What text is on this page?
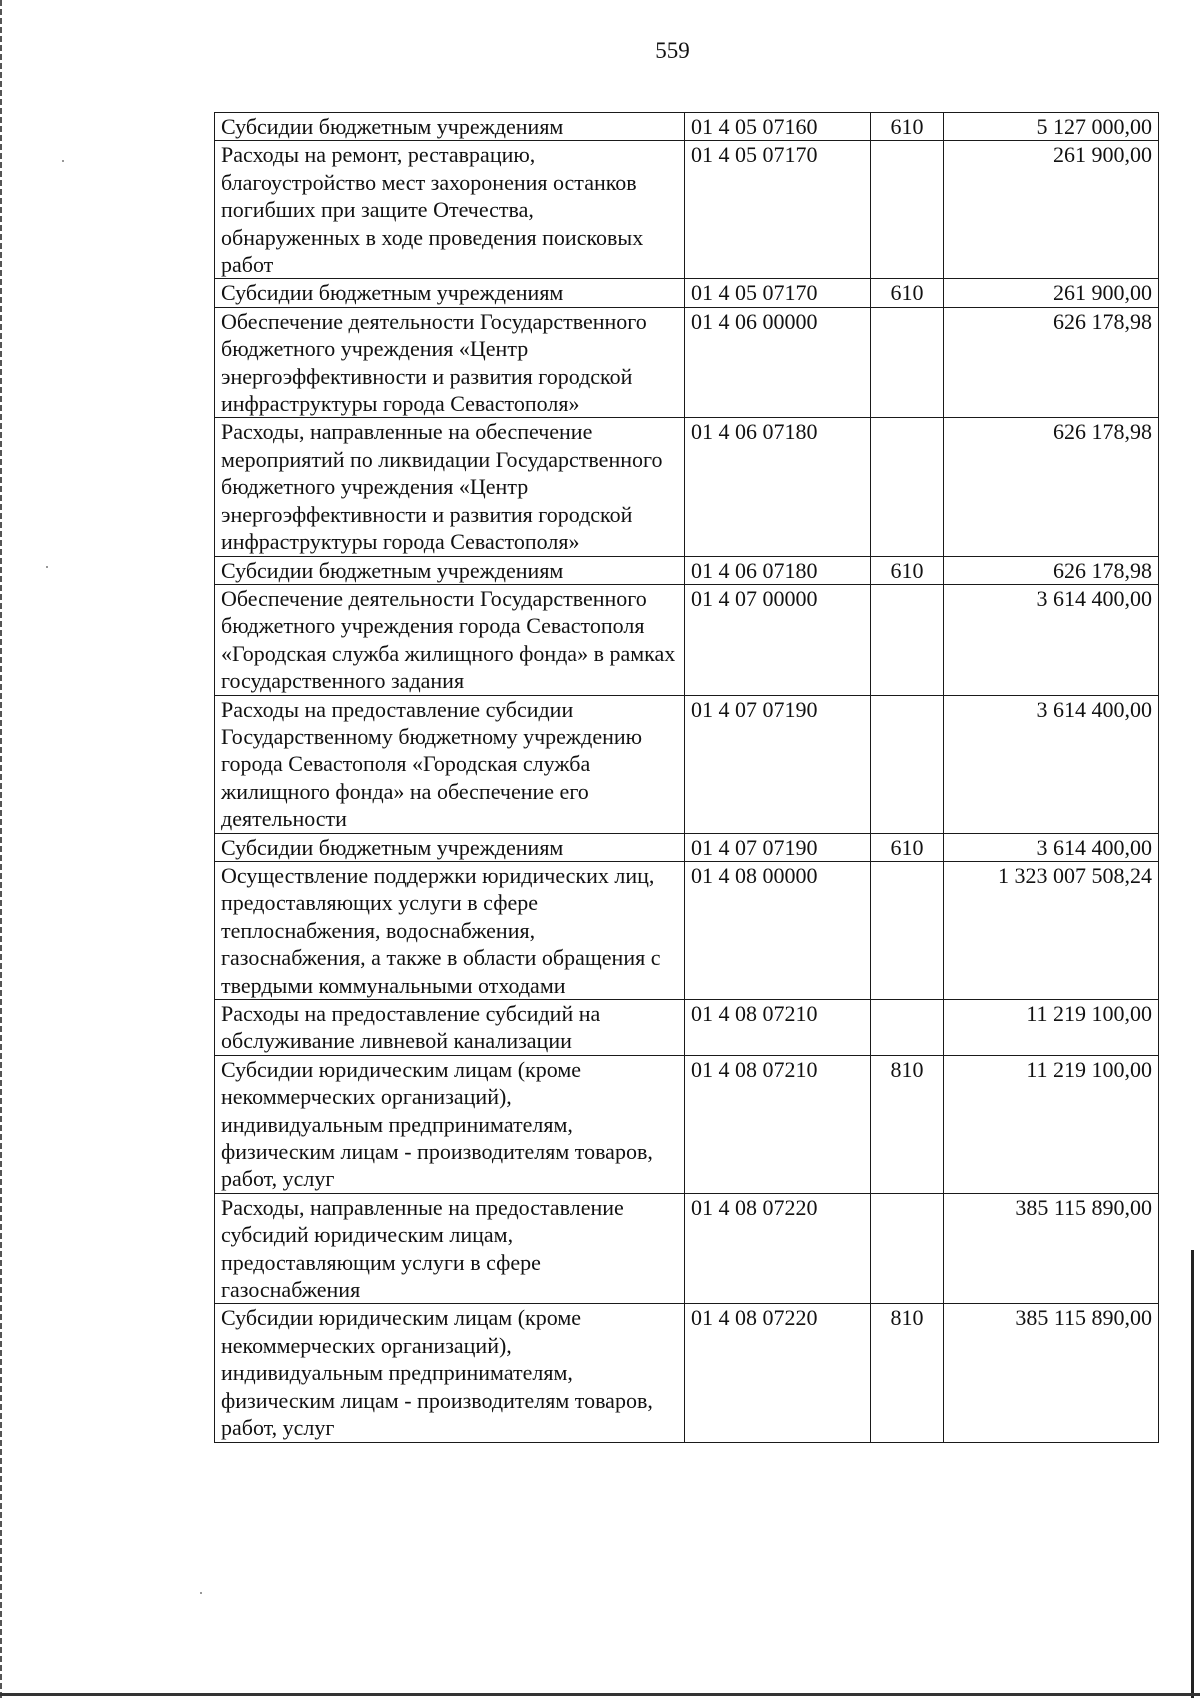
559
Субсидии бюджетным учреждениям	01 4 05 07160	610	5 127 000,00
Расходы на ремонт, реставрацию, благоустройство мест захоронения останков погибших при защите Отечества, обнаруженных в ходе проведения поисковых работ	01 4 05 07170		261 900,00
Субсидии бюджетным учреждениям	01 4 05 07170	610	261 900,00
Обеспечение деятельности Государственного бюджетного учреждения «Центр энергоэффективности и развития городской инфраструктуры города Севастополя»	01 4 06 00000		626 178,98
Расходы, направленные на обеспечение мероприятий по ликвидации Государственного бюджетного учреждения «Центр энергоэффективности и развития городской инфраструктуры города Севастополя»	01 4 06 07180		626 178,98
Субсидии бюджетным учреждениям	01 4 06 07180	610	626 178,98
Обеспечение деятельности Государственного бюджетного учреждения города Севастополя «Городская служба жилищного фонда» в рамках государственного задания	01 4 07 00000		3 614 400,00
Расходы на предоставление субсидии Государственному бюджетному учреждению города Севастополя «Городская служба жилищного фонда» на обеспечение его деятельности	01 4 07 07190		3 614 400,00
Субсидии бюджетным учреждениям	01 4 07 07190	610	3 614 400,00
Осуществление поддержки юридических лиц, предоставляющих услуги в сфере теплоснабжения, водоснабжения, газоснабжения, а также в области обращения с твердыми коммунальными отходами	01 4 08 00000		1 323 007 508,24
Расходы на предоставление субсидий на обслуживание ливневой канализации	01 4 08 07210		11 219 100,00
Субсидии юридическим лицам (кроме некоммерческих организаций), индивидуальным предпринимателям, физическим лицам - производителям товаров, работ, услуг	01 4 08 07210	810	11 219 100,00
Расходы, направленные на предоставление субсидий юридическим лицам, предоставляющим услуги в сфере газоснабжения	01 4 08 07220		385 115 890,00
Субсидии юридическим лицам (кроме некоммерческих организаций), индивидуальным предпринимателям, физическим лицам - производителям товаров, работ, услуг	01 4 08 07220	810	385 115 890,00
